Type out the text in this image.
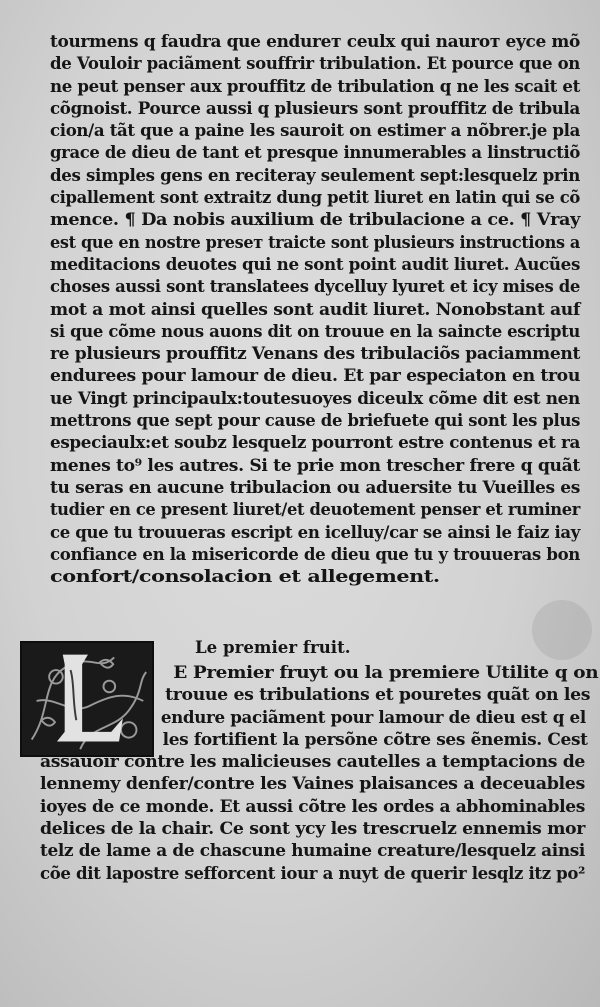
tourmens q faudra que endureт ceulx qui nauroт eyce mõ
de Vouloir paciãment souffrir tribulation. Et pource que on
ne peut penser aux prouffitz de tribulation q ne les scait et
cõgnoist. Pource aussi q plusieurs sont prouffitz de tribula
cion/a tãt que a paine les sauroit on estimer a nõbrer.je pla
grace de dieu de tant et presque innumerables a linstructiõ
des simples gens en reciteray seulement sept:lesquelz prin
cipallement sont extraitz dung petit liuret en latin qui se cõ
mence. ¶ Da nobis auxilium de tribulacione a ce. ¶ Vray
est que en nostre preseт traicte sont plusieurs instructions a
meditacions deuotes qui ne sont point audit liuret. Aucũes
choses aussi sont translatees dycelluy lyuret et icy mises de
mot a mot ainsi quelles sont audit liuret. Nonobstant auf
si que cõme nous auons dit on trouue en la saincte escriptu
re plusieurs prouffitz Venans des tribulaciõs paciamment
endurees pour lamour de dieu. Et par especiaton en trou
ue Vingt principaulx:toutesuoyes diceulx cõme dit est nen
mettrons que sept pour cause de briefuete qui sont les plus
especiaulx:et soubz lesquelz pourront estre contenus et ra
menes to⁹ les autres. Si te prie mon trescher frere q quãt
tu seras en aucune tribulacion ou aduersite tu Vueilles es
tudier en ce present liuret/et deuotement penser et ruminer
ce que tu trouueras escript en icelluy/car se ainsi le faiz iay
confiance en la misericorde de dieu que tu y trouueras bon
confort/consolacion et allegement.
Le premier fruit.
E Premier fruyt ou la premiere Utilite q on
trouue es tribulations et pouretes quãt on les
endure paciãment pour lamour de dieu est q el
les fortifient la persõne cõtre ses ẽnemis. Cest
assauoir contre les malicieuses cautelles a temptacions de
lennemy denfer/contre les Vaines plaisances a deceuables
ioyes de ce monde. Et aussi cõtre les ordes a abhominables
delices de la chair. Ce sont ycy les trescruelz ennemis mor
telz de lame a de chascune humaine creature/lesquelz ainsi
cõe dit lapostre sefforcent iour a nuyt de querir lesqlz itz po²
